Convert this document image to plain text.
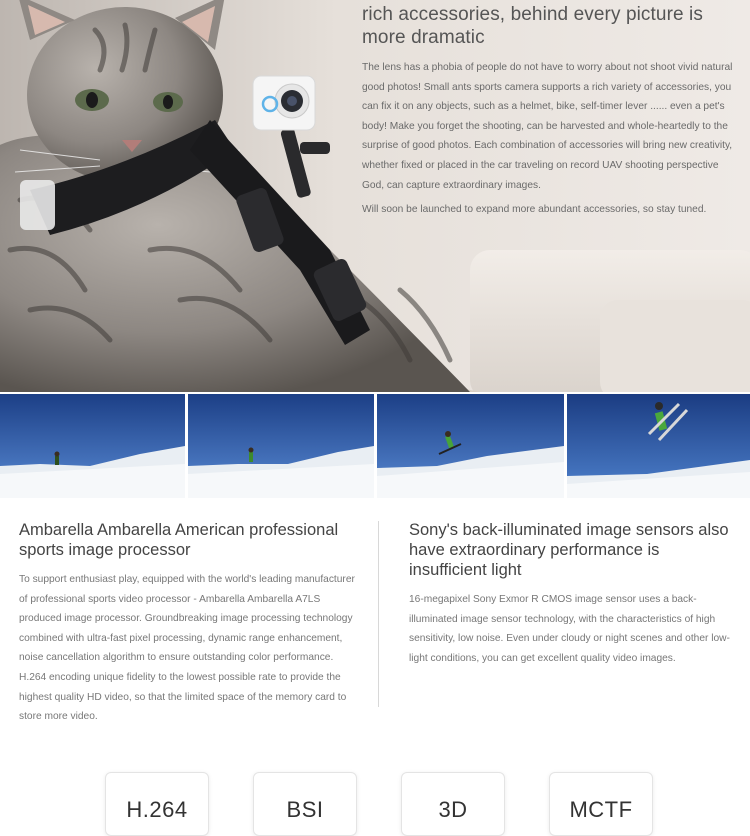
rich accessories, behind every picture is
more dramatic

The lens has a phobia of people do not have to worry about not shoot vivid natural good photos! Small ants sports camera supports a rich variety of accessories, you can fix it on any objects, such as a helmet, bike, self-timer lever ...... even a pet's body! Make you forget the shooting, can be harvested and whole-heartedly to the surprise of good photos. Each combination of accessories will bring new creativity, whether fixed or placed in the car traveling on record UAV shooting perspective God, can capture extraordinary images.

Will soon be launched to expand more abundant accessories, so stay tuned.

Ambarella Ambarella American professional sports image processor

To support enthusiast play, equipped with the world's leading manufacturer of professional sports video processor - Ambarella Ambarella A7LS produced image processor. Groundbreaking image processing technology combined with ultra-fast pixel processing, dynamic range enhancement, noise cancellation algorithm to ensure outstanding color performance. H.264 encoding unique fidelity to the lowest possible rate to provide the highest quality HD video, so that the limited space of the memory card to store more video.

Sony's back-illuminated image sensors also have extraordinary performance is insufficient light

16-megapixel Sony Exmor R CMOS image sensor uses a back-illuminated image sensor technology, with the characteristics of high sensitivity, low noise. Even under cloudy or night scenes and other low-light conditions, you can get excellent quality video images.

H.264	BSI	3D	MCTF
